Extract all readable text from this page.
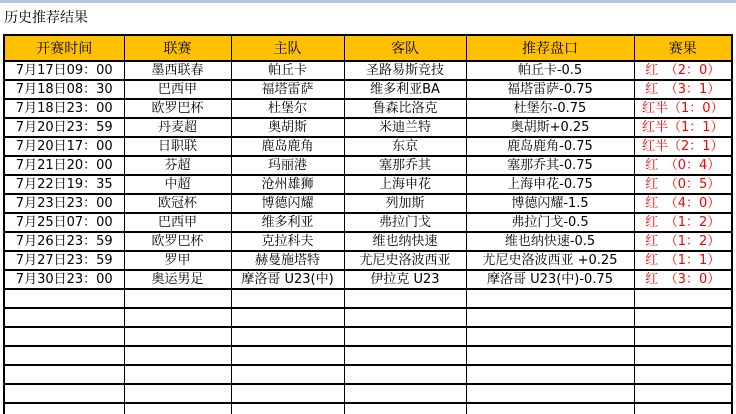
历史推荐结果
开赛时间	联赛	主队	客队	推荐盘口	赛果
7月17日09：00	墨西联春	帕丘卡	圣路易斯竞技	帕丘卡-0.5	红　（2：0）
7月18日08：30	巴西甲	福塔雷萨	维多利亚BA	福塔雷萨-0.75	红　（3：1）
7月18日23：00	欧罗巴杯	杜堡尔	鲁森比洛克	杜堡尔-0.75	红半（1：0）
7月20日23：59	丹麦超	奥胡斯	米迪兰特	奥胡斯+0.25	红半（1：1）
7月20日17：00	日职联	鹿岛鹿角	东京	鹿岛鹿角-0.75	红半（2：1）
7月21日20：00	芬超	玛丽港	塞那乔其	塞那乔其-0.75	红　（0：4）
7月22日19：35	中超	沧州雄狮	上海申花	上海申花-0.75	红　（0：5）
7月23日23：00	欧冠杯	博德闪耀	列加斯	博德闪耀-1.5	红　（4：0）
7月25日07：00	巴西甲	维多利亚	弗拉门戈	弗拉门戈-0.5	红　（1：2）
7月26日23：59	欧罗巴杯	克拉科夫	维也纳快速	维也纳快速-0.5	红　（1：2）
7月27日23：59	罗甲	赫曼施塔特	尤尼史洛波西亚	尤尼史洛波西亚 +0.25	红　（1：1）
7月30日23：00	奥运男足	摩洛哥 U23(中)	伊拉克 U23	摩洛哥 U23(中)-0.75	红　（3：0）
